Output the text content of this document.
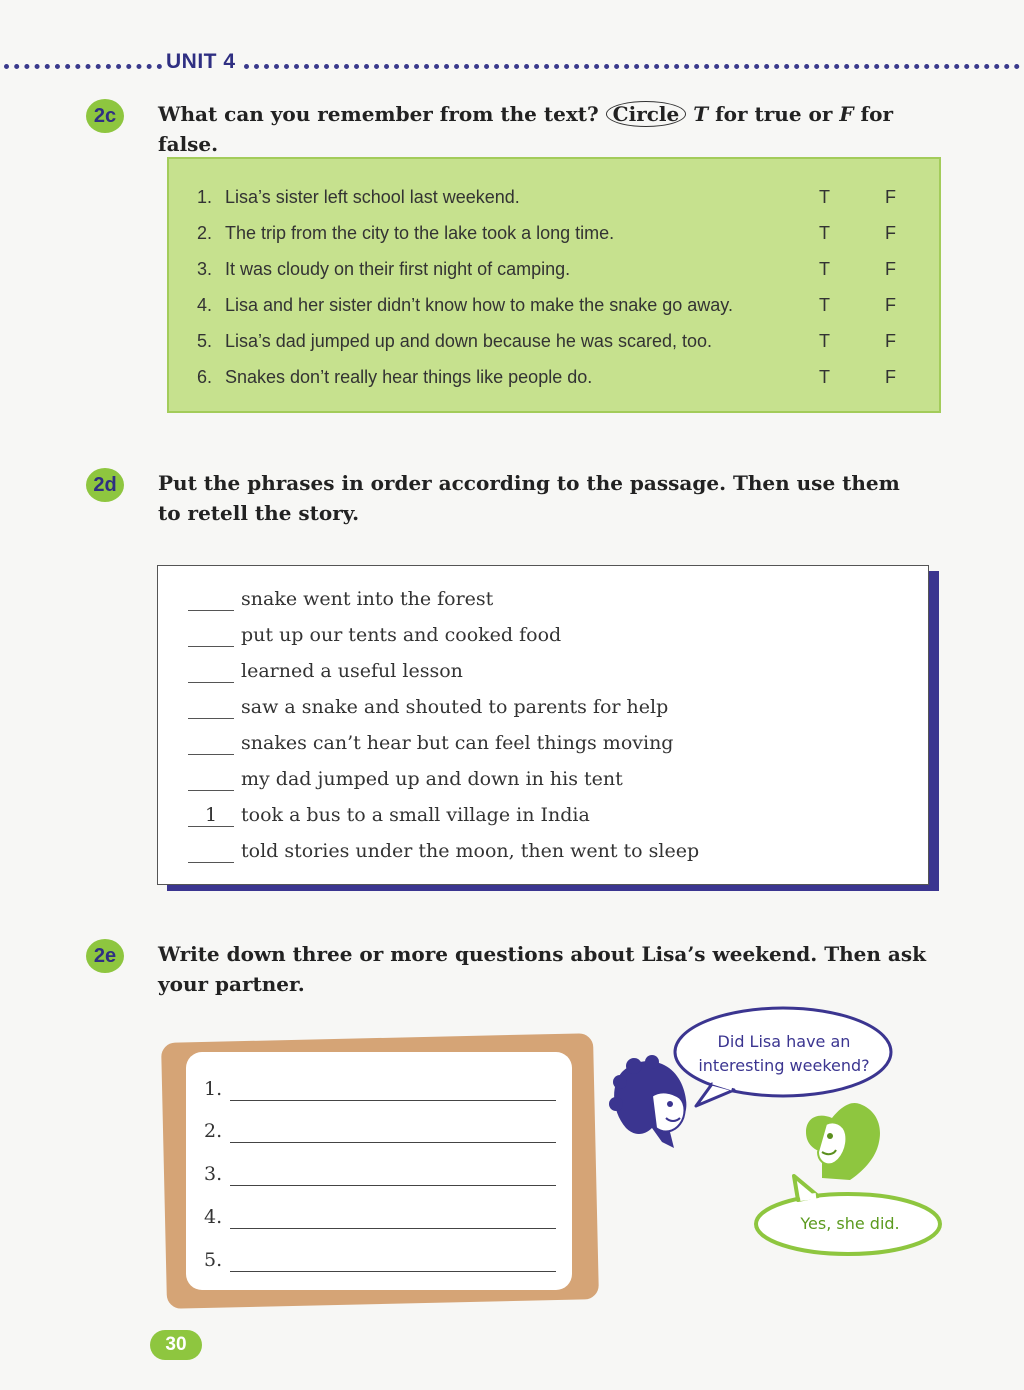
UNIT 4
2c	What can you remember from the text? Circle T for true or F for false.
1. Lisa’s sister left school last weekend.	T	F
2. The trip from the city to the lake took a long time.	T	F
3. It was cloudy on their first night of camping.	T	F
4. Lisa and her sister didn’t know how to make the snake go away.	T	F
5. Lisa’s dad jumped up and down because he was scared, too.	T	F
6. Snakes don’t really hear things like people do.	T	F
2d	Put the phrases in order according to the passage. Then use them to retell the story.
snake went into the forest
put up our tents and cooked food
learned a useful lesson
saw a snake and shouted to parents for help
snakes can’t hear but can feel things moving
my dad jumped up and down in his tent
1	took a bus to a small village in India
told stories under the moon, then went to sleep
2e	Write down three or more questions about Lisa’s weekend. Then ask your partner.
1.
2.
3.
4.
5.
Did Lisa have an
interesting weekend?
Yes, she did.
30
